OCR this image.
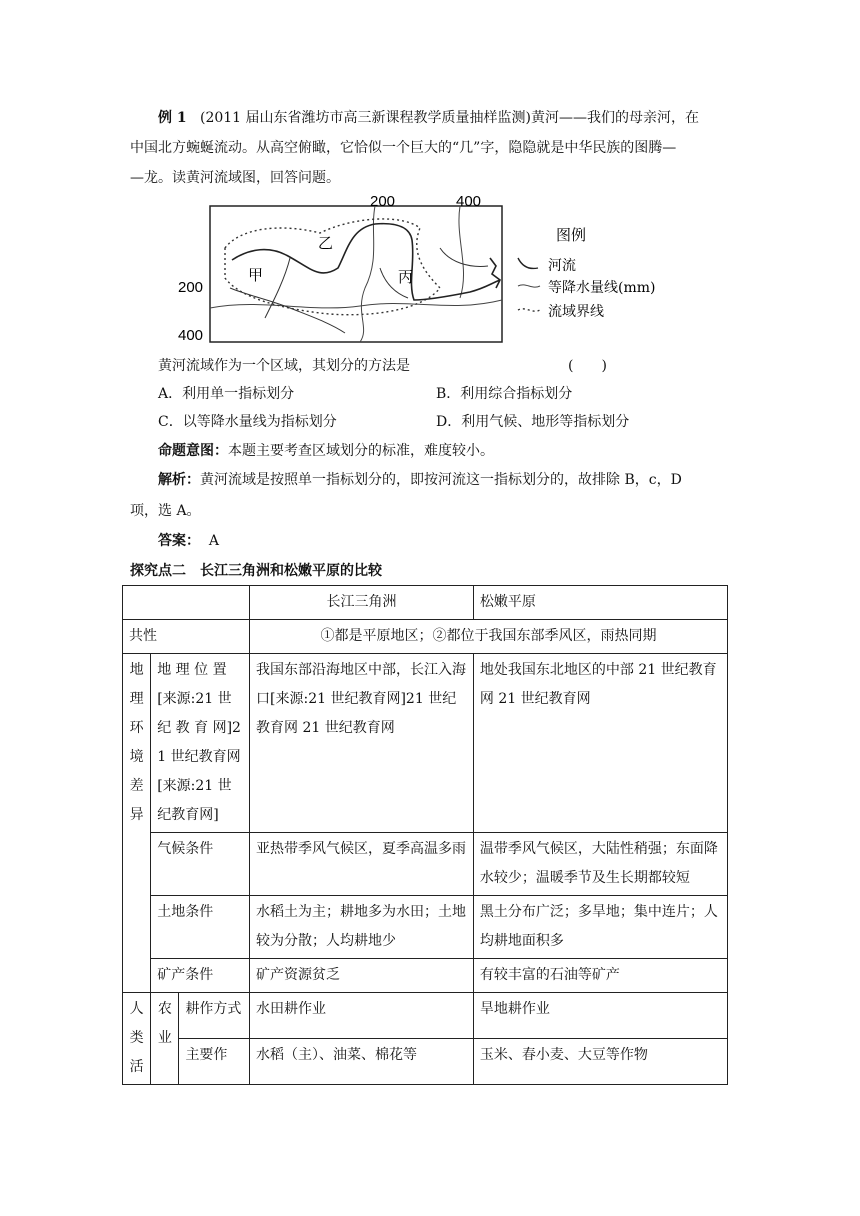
例 1 (2011 届山东省潍坊市高三新课程教学质量抽样监测)黄河——我们的母亲河，在
中国北方蜿蜒流动。从高空俯瞰，它恰似一个巨大的“几”字，隐隐就是中华民族的图腾—
—龙。读黄河流域图，回答问题。
200	400
200
400
乙
甲	丙
图例
河流
等降水量线(mm)
流域界线
黄河流域作为一个区域，其划分的方法是	(　　)
A．利用单一指标划分	B．利用综合指标划分
C．以等降水量线为指标划分	D．利用气候、地形等指标划分
命题意图：本题主要考查区域划分的标准，难度较小。
解析：黄河流域是按照单一指标划分的，即按河流这一指标划分的，故排除 B，c，D
项，选 A。
答案： A
探究点二　长江三角洲和松嫩平原的比较
			长江三角洲	松嫩平原
共性			①都是平原地区；②都位于我国东部季风区，雨热同期	
地理环境差异	地 理 位 置 [来源:21 世 纪 教 育 网]21 世纪教育网[来源:21 世纪教育网]		我国东部沿海地区中部，长江入海口[来源:21 世纪教育网]21 世纪教育网 21 世纪教育网	地处我国东北地区的中部 21 世纪教育网 21 世纪教育网
	气候条件		亚热带季风气候区，夏季高温多雨	温带季风气候区，大陆性稍强；东面降水较少；温暖季节及生长期都较短
	土地条件		水稻土为主；耕地多为水田；土地较为分散；人均耕地少	黑土分布广泛；多旱地；集中连片；人均耕地面积多
	矿产条件		矿产资源贫乏	有较丰富的石油等矿产
人类活	农业	耕作方式	水田耕作业	旱地耕作业
		主要作	水稻（主）、油菜、棉花等	玉米、春小麦、大豆等作物
